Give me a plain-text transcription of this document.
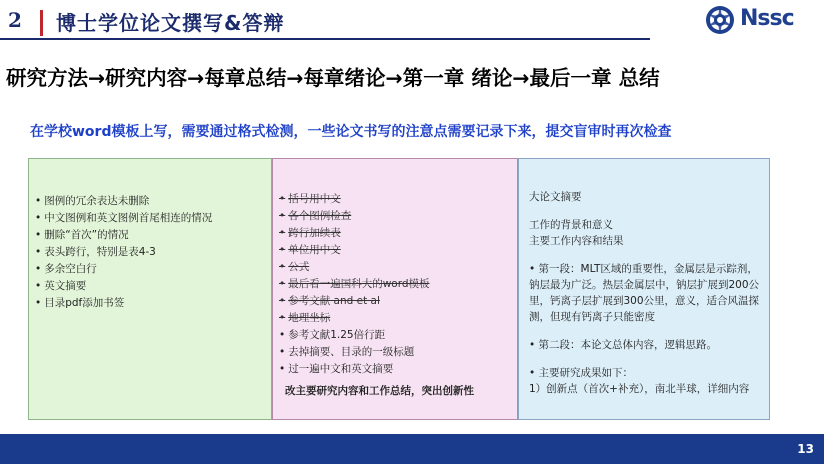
2 博士学位论文撰写&答辩	Nssc
研究方法→研究内容→每章总结→每章绪论→第一章 绪论→最后一章 总结
在学校word模板上写，需要通过格式检测，一些论文书写的注意点需要记录下来，提交盲审时再次检查
• 图例的冗余表达未删除
• 中文图例和英文图例首尾相连的情况
• 删除“首次”的情况
• 表头跨行，特别是表4-3
• 多余空白行
• 英文摘要
• 目录pdf添加书签
• 括号用中文
• 各个图例检查
• 跨行加续表
• 单位用中文
• 公式
• 最后看一遍国科大的word模板
• 参考文献 and et al
• 地理坐标
• 参考文献1.25倍行距
• 去掉摘要、目录的一级标题
• 过一遍中文和英文摘要
改主要研究内容和工作总结，突出创新性

大论文摘要

工作的背景和意义

主要工作内容和结果

• 第一段：MLT区域的重要性，金属层是示踪剂，钠层最为广泛。热层金属层中，钠层扩展到200公里，钙离子层扩展到300公里，意义，适合风温探测，但现有钙离子只能密度

• 第二段：本论文总体内容，逻辑思路。

• 主要研究成果如下：

1）创新点（首次+补充），南北半球，详细内容

13
